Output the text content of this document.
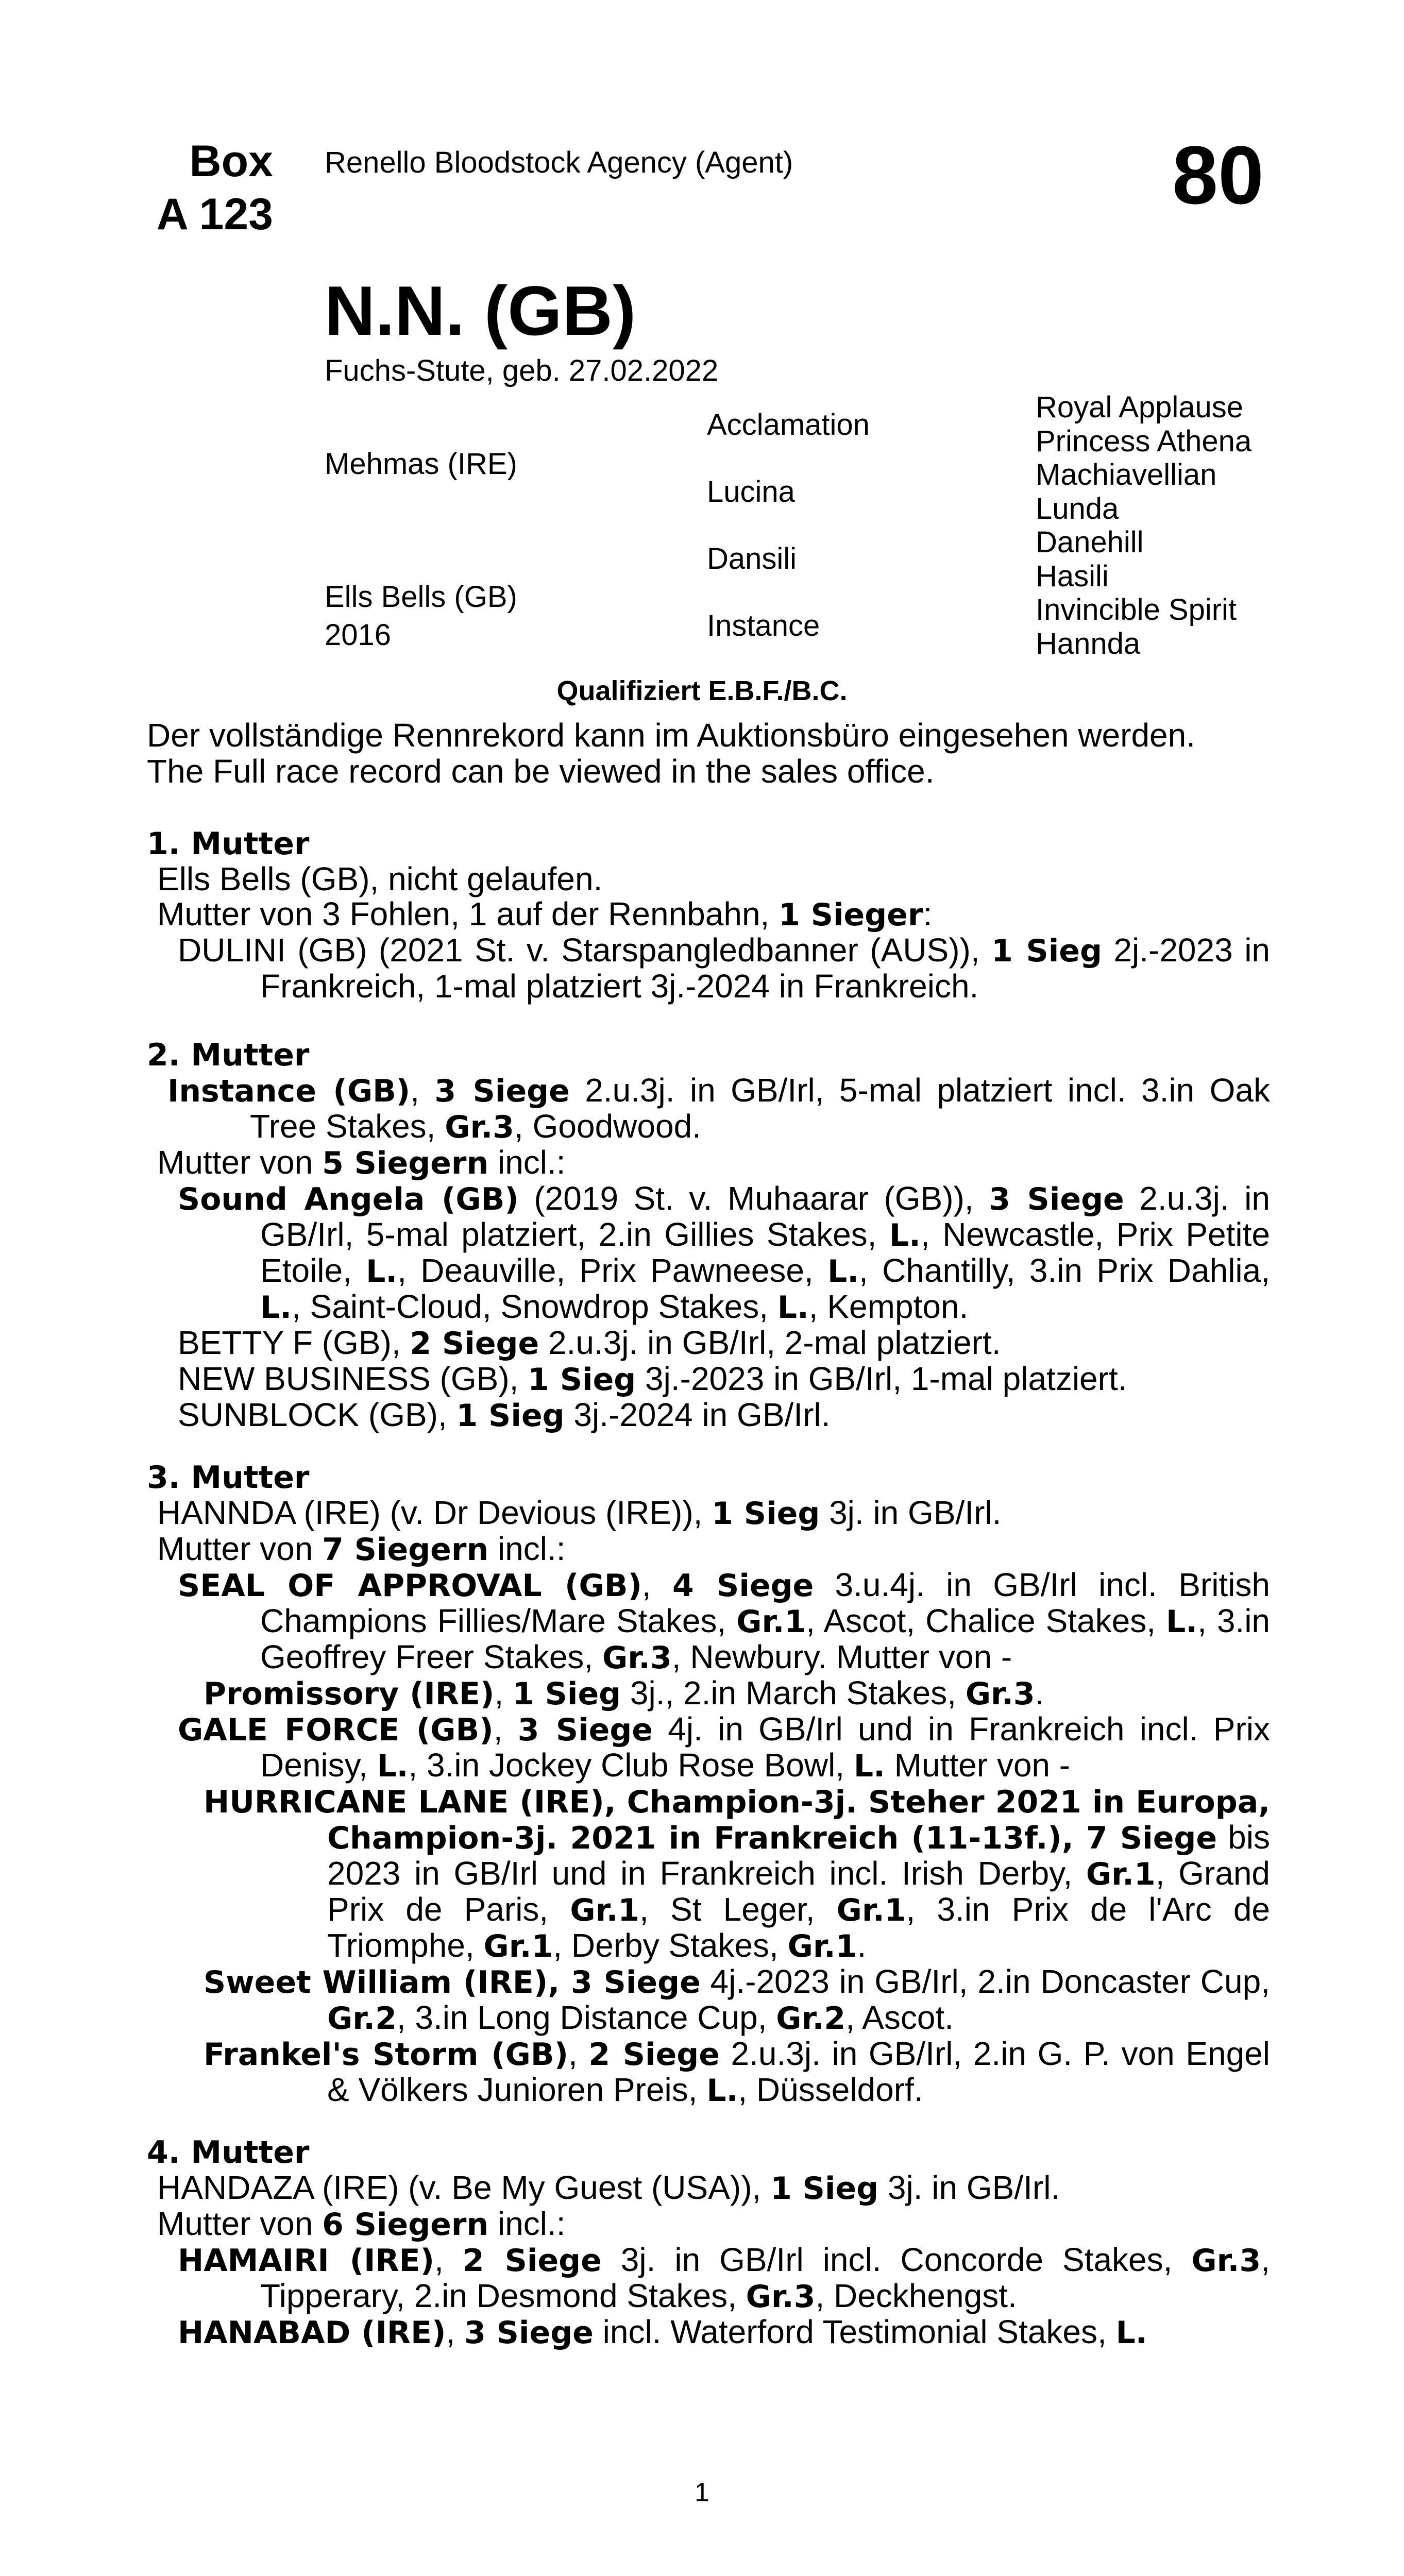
Box
A 123
Renello Bloodstock Agency (Agent)	80
N.N. (GB)
Fuchs-Stute, geb. 27.02.2022
Mehmas (IRE)
Ells Bells (GB)
2016
Acclamation
Lucina
Dansili
Instance
Royal Applause
Princess Athena
Machiavellian
Lunda
Danehill
Hasili
Invincible Spirit
Hannda
Qualifiziert E.B.F./B.C.
Der vollständige Rennrekord kann im Auktionsbüro eingesehen werden.
The Full race record can be viewed in the sales office.
1. Mutter
Ells Bells (GB), nicht gelaufen.
Mutter von 3 Fohlen, 1 auf der Rennbahn, 1 Sieger:
DULINI (GB) (2021 St. v. Starspangledbanner (AUS)), 1 Sieg 2j.-2023 in Frankreich, 1-mal platziert 3j.-2024 in Frankreich.
2. Mutter
Instance (GB), 3 Siege 2.u.3j. in GB/Irl, 5-mal platziert incl. 3.in Oak Tree Stakes, Gr.3, Goodwood.
Mutter von 5 Siegern incl.:
Sound Angela (GB) (2019 St. v. Muhaarar (GB)), 3 Siege 2.u.3j. in GB/Irl, 5-mal platziert, 2.in Gillies Stakes, L., Newcastle, Prix Petite Etoile, L., Deauville, Prix Pawneese, L., Chantilly, 3.in Prix Dahlia, L., Saint-Cloud, Snowdrop Stakes, L., Kempton.
BETTY F (GB), 2 Siege 2.u.3j. in GB/Irl, 2-mal platziert.
NEW BUSINESS (GB), 1 Sieg 3j.-2023 in GB/Irl, 1-mal platziert.
SUNBLOCK (GB), 1 Sieg 3j.-2024 in GB/Irl.
3. Mutter
HANNDA (IRE) (v. Dr Devious (IRE)), 1 Sieg 3j. in GB/Irl.
Mutter von 7 Siegern incl.:
SEAL OF APPROVAL (GB), 4 Siege 3.u.4j. in GB/Irl incl. British Champions Fillies/Mare Stakes, Gr.1, Ascot, Chalice Stakes, L., 3.in Geoffrey Freer Stakes, Gr.3, Newbury. Mutter von -
Promissory (IRE), 1 Sieg 3j., 2.in March Stakes, Gr.3.
GALE FORCE (GB), 3 Siege 4j. in GB/Irl und in Frankreich incl. Prix Denisy, L., 3.in Jockey Club Rose Bowl, L. Mutter von -
HURRICANE LANE (IRE), Champion-3j. Steher 2021 in Europa, Champion-3j. 2021 in Frankreich (11-13f.), 7 Siege bis 2023 in GB/Irl und in Frankreich incl. Irish Derby, Gr.1, Grand Prix de Paris, Gr.1, St Leger, Gr.1, 3.in Prix de l'Arc de Triomphe, Gr.1, Derby Stakes, Gr.1.
Sweet William (IRE), 3 Siege 4j.-2023 in GB/Irl, 2.in Doncaster Cup, Gr.2, 3.in Long Distance Cup, Gr.2, Ascot.
Frankel's Storm (GB), 2 Siege 2.u.3j. in GB/Irl, 2.in G. P. von Engel & Völkers Junioren Preis, L., Düsseldorf.
4. Mutter
HANDAZA (IRE) (v. Be My Guest (USA)), 1 Sieg 3j. in GB/Irl.
Mutter von 6 Siegern incl.:
HAMAIRI (IRE), 2 Siege 3j. in GB/Irl incl. Concorde Stakes, Gr.3, Tipperary, 2.in Desmond Stakes, Gr.3, Deckhengst.
HANABAD (IRE), 3 Siege incl. Waterford Testimonial Stakes, L.
1
